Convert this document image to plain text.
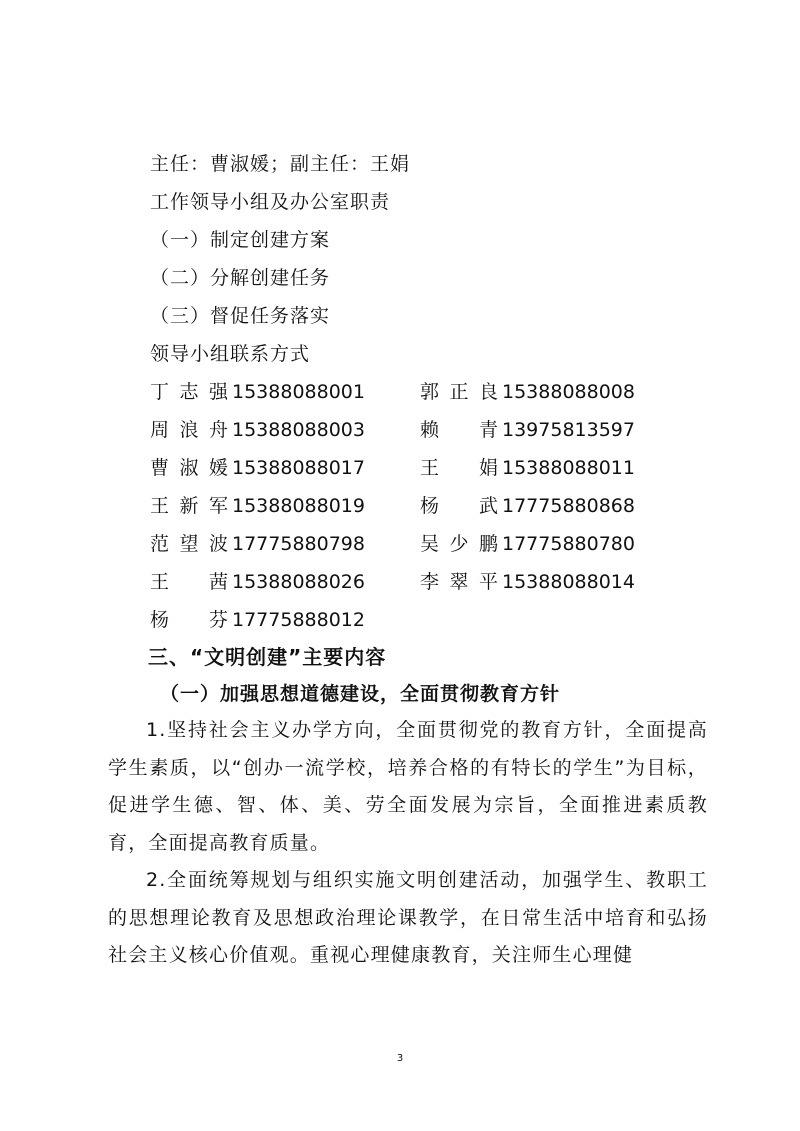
主任：曹淑媛；副主任：王娟
工作领导小组及办公室职责
（一）制定创建方案
（二）分解创建任务
（三）督促任务落实
领导小组联系方式
丁志强 15388088001
周浪舟 15388088003
曹淑媛 15388088017
王新军 15388088019
范望波 17775880798
王 茜 15388088026
杨 芬 17775888012
郭正良 15388088008
赖 青 13975813597
王 娟 15388088011
杨 武 17775880868
吴少鹏 17775880780
李翠平 15388088014
三、“文明创建”主要内容
（一）加强思想道德建设，全面贯彻教育方针
1.坚持社会主义办学方向，全面贯彻党的教育方针，全面提高学生素质，以“创办一流学校，培养合格的有特长的学生”为目标，促进学生德、智、体、美、劳全面发展为宗旨，全面推进素质教育，全面提高教育质量。
2.全面统筹规划与组织实施文明创建活动，加强学生、教职工的思想理论教育及思想政治理论课教学，在日常生活中培育和弘扬社会主义核心价值观。重视心理健康教育，关注师生心理健
3
